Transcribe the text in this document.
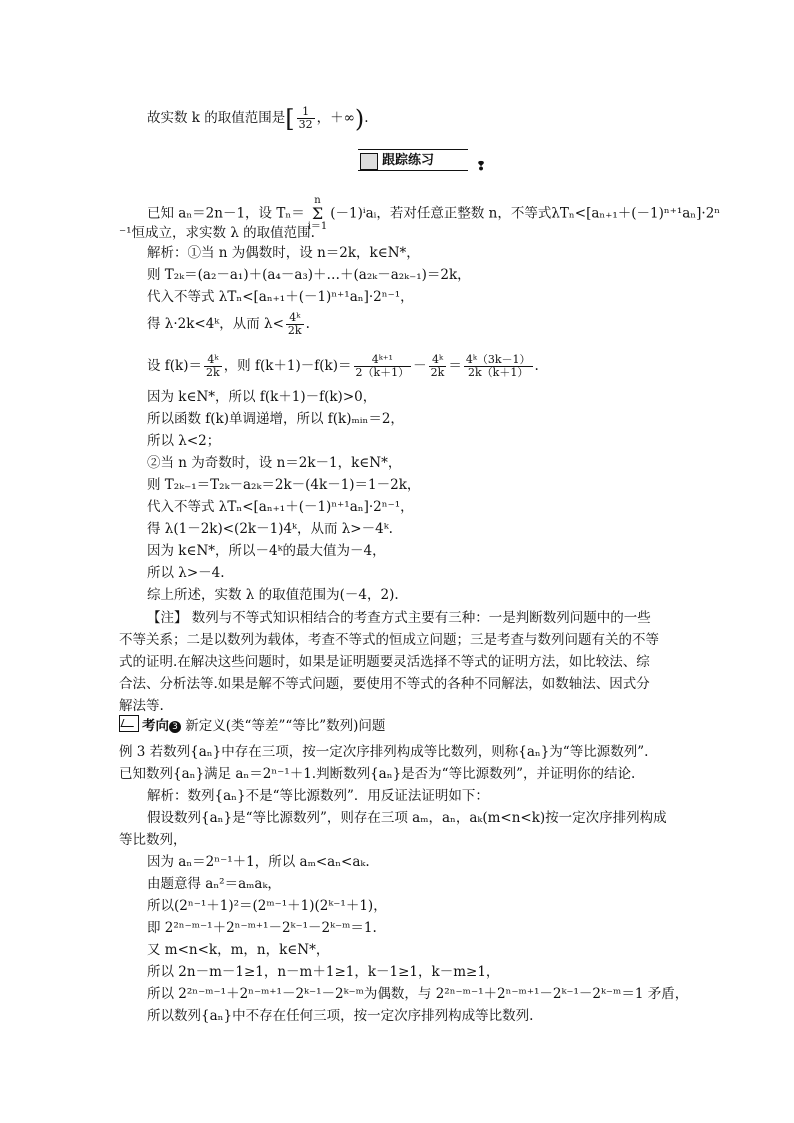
故实数 k 的取值范围是[ $\frac{1}{32}$ ，＋∞).
跟踪练习	❢
已知 aₙ＝2n－1，设 Tₙ＝
n
Σ
i＝1
(－1)ⁱaᵢ，若对任意正整数 n，不等式λTₙ<[aₙ₊₁＋(－1)ⁿ⁺¹aₙ]·2ⁿ
⁻¹恒成立，求实数 λ 的取值范围.
解析：①当 n 为偶数时，设 n＝2k，k∈N*，
则 T₂ₖ＝(a₂－a₁)＋(a₄－a₃)＋…＋(a₂ₖ－a₂ₖ₋₁)＝2k，
代入不等式 λTₙ<[aₙ₊₁＋(－1)ⁿ⁺¹aₙ]·2ⁿ⁻¹，
得 λ·2k<4ᵏ，从而 $\lambda< \frac{\text{4ᵏ}}{2k}$ .
设 $f(k)= \frac{\text{4ᵏ}}{2k}$ ，则 $f(k+1)-f(k)= \frac{\text{4ᵏ⁺¹}}{2(k+1)} - \frac{\text{4ᵏ}}{2k} = \frac{\text{4ᵏ（3k－1）}}{2k(k+1)}$ .
因为 k∈N*，所以 f(k＋1)－f(k)>0，
所以函数 f(k)单调递增，所以 f(k)ₘᵢₙ＝2，
所以 λ<2；
②当 n 为奇数时，设 n＝2k－1，k∈N*，
则 T₂ₖ₋₁＝T₂ₖ－a₂ₖ＝2k－(4k－1)＝1－2k，
代入不等式 λTₙ<[aₙ₊₁＋(－1)ⁿ⁺¹aₙ]·2ⁿ⁻¹，
得 λ(1－2k)<(2k－1)4ᵏ，从而 λ>－4ᵏ.
因为 k∈N*，所以－4ᵏ的最大值为－4，
所以 λ>－4.
综上所述，实数 λ 的取值范围为(－4，2).
【注】 数列与不等式知识相结合的考查方式主要有三种：一是判断数列问题中的一些
不等关系；二是以数列为载体，考查不等式的恒成立问题；三是考查与数列问题有关的不等
式的证明.在解决这些问题时，如果是证明题要灵活选择不等式的证明方法，如比较法、综
合法、分析法等.如果是解不等式问题，要使用不等式的各种不同解法，如数轴法、因式分
解法等.
考向 3 新定义(类“等差”“等比”数列)问题
例 3 若数列{aₙ}中存在三项，按一定次序排列构成等比数列，则称{aₙ}为“等比源数列”.
已知数列{aₙ}满足 aₙ＝2ⁿ⁻¹＋1.判断数列{aₙ}是否为“等比源数列”，并证明你的结论.
解析：数列{aₙ}不是“等比源数列”．用反证法证明如下：
假设数列{aₙ}是“等比源数列”，则存在三项 aₘ，aₙ，aₖ(m<n<k)按一定次序排列构成
等比数列，
因为 aₙ＝2ⁿ⁻¹＋1，所以 aₘ<aₙ<aₖ.
由题意得 aₙ²＝aₘaₖ，
所以(2ⁿ⁻¹＋1)²＝(2ᵐ⁻¹＋1)(2ᵏ⁻¹＋1)，
即 2²ⁿ⁻ᵐ⁻¹＋2ⁿ⁻ᵐ⁺¹－2ᵏ⁻¹－2ᵏ⁻ᵐ＝1.
又 m<n<k，m，n，k∈N*，
所以 2n－m－1≥1，n－m＋1≥1，k－1≥1，k－m≥1，
所以 2²ⁿ⁻ᵐ⁻¹＋2ⁿ⁻ᵐ⁺¹－2ᵏ⁻¹－2ᵏ⁻ᵐ为偶数，与 2²ⁿ⁻ᵐ⁻¹＋2ⁿ⁻ᵐ⁺¹－2ᵏ⁻¹－2ᵏ⁻ᵐ＝1 矛盾，
所以数列{aₙ}中不存在任何三项，按一定次序排列构成等比数列.
